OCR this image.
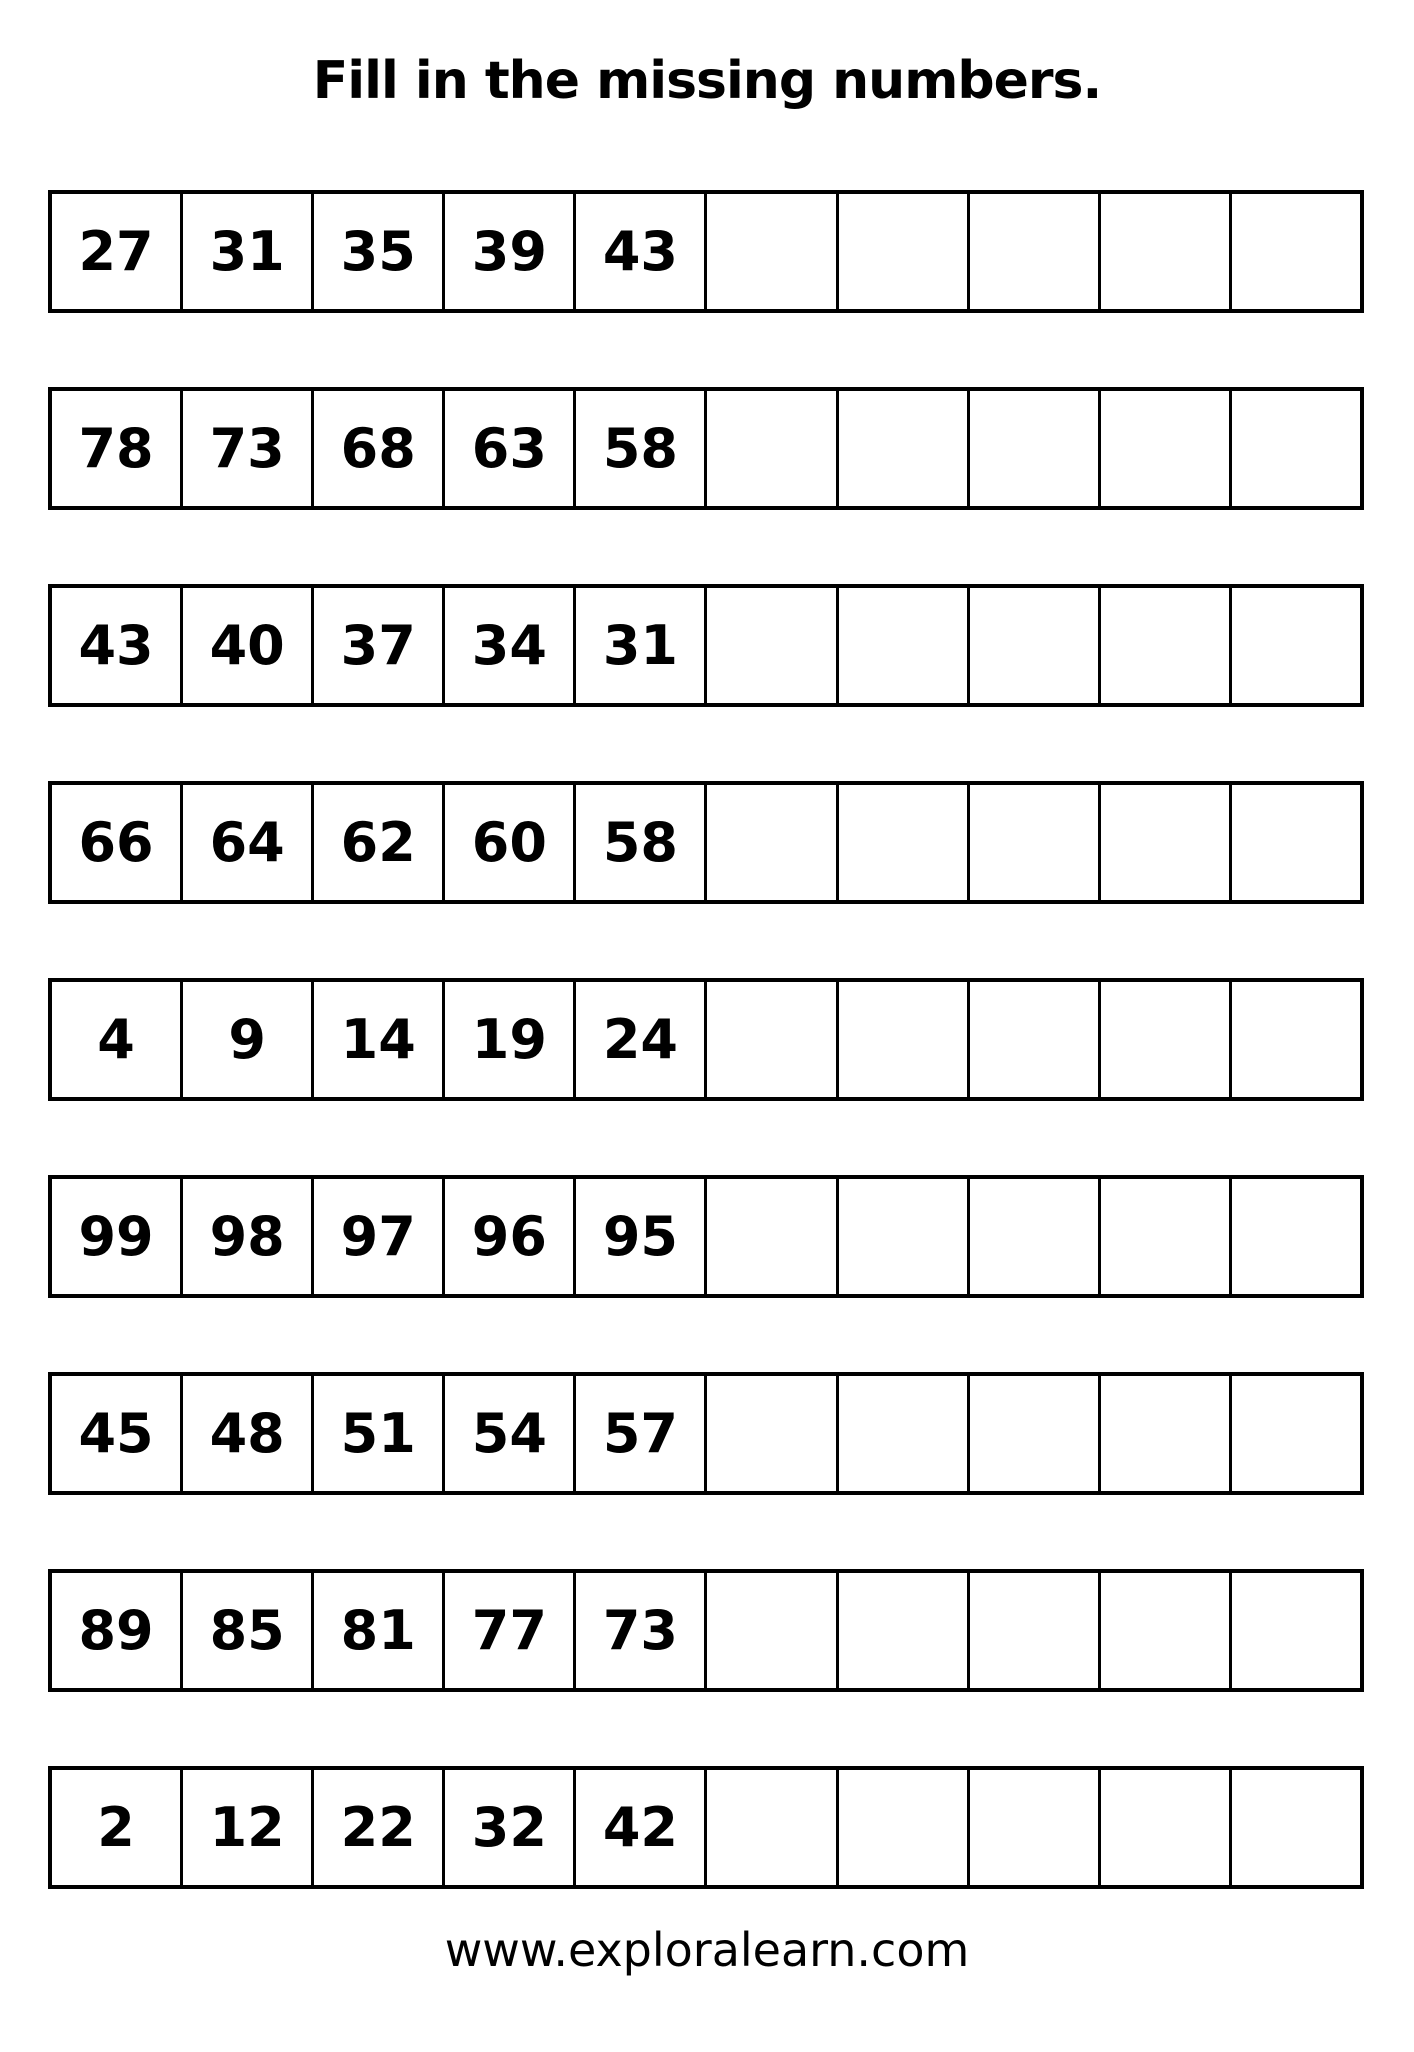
Fill in the missing numbers.
27	31	35	39	43
78	73	68	63	58
43	40	37	34	31
66	64	62	60	58
4	9	14	19	24
99	98	97	96	95
45	48	51	54	57
89	85	81	77	73
2	12	22	32	42
www.exploralearn.com
